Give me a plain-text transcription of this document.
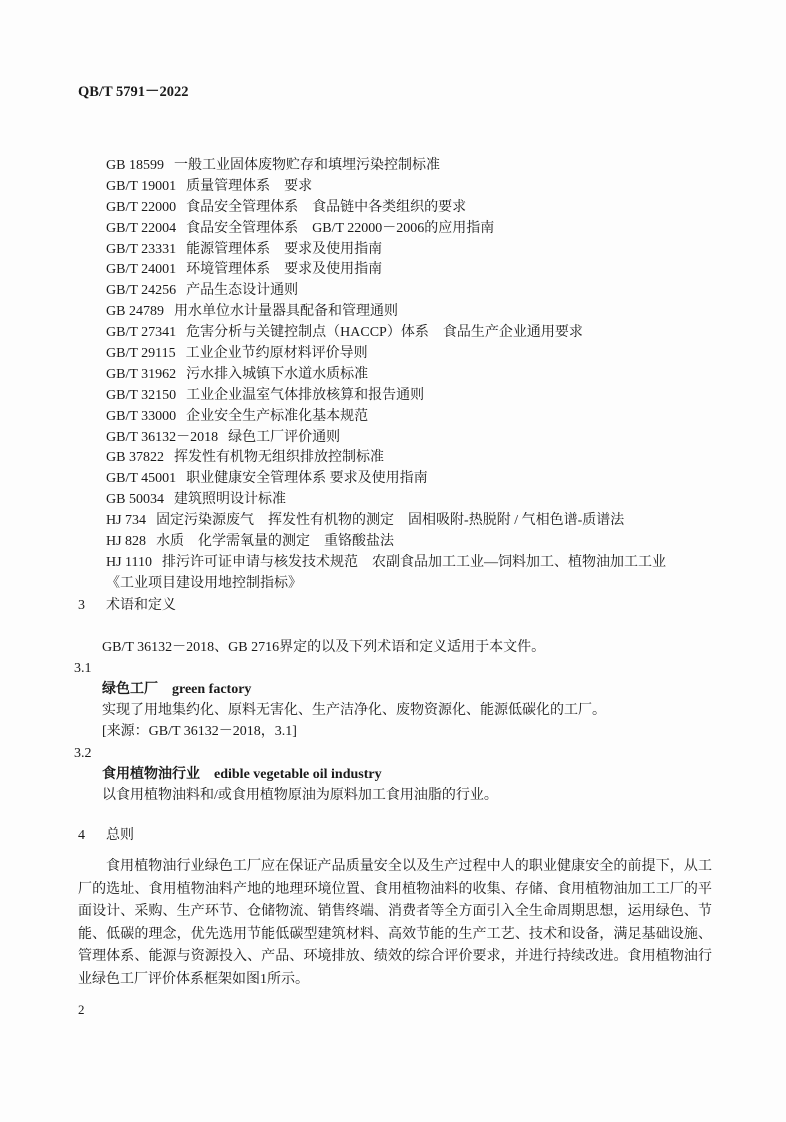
QB/T 5791－2022
GB 18599 一般工业固体废物贮存和填埋污染控制标准
GB/T 19001 质量管理体系　要求
GB/T 22000 食品安全管理体系　食品链中各类组织的要求
GB/T 22004 食品安全管理体系　GB/T 22000－2006的应用指南
GB/T 23331 能源管理体系　要求及使用指南
GB/T 24001 环境管理体系　要求及使用指南
GB/T 24256 产品生态设计通则
GB 24789 用水单位水计量器具配备和管理通则
GB/T 27341 危害分析与关键控制点（HACCP）体系　食品生产企业通用要求
GB/T 29115 工业企业节约原材料评价导则
GB/T 31962 污水排入城镇下水道水质标准
GB/T 32150 工业企业温室气体排放核算和报告通则
GB/T 33000 企业安全生产标准化基本规范
GB/T 36132－2018 绿色工厂评价通则
GB 37822 挥发性有机物无组织排放控制标准
GB/T 45001 职业健康安全管理体系 要求及使用指南
GB 50034 建筑照明设计标准
HJ 734 固定污染源废气　挥发性有机物的测定　固相吸附-热脱附 / 气相色谱-质谱法
HJ 828 水质　化学需氧量的测定　重铬酸盐法
HJ 1110 排污许可证申请与核发技术规范　农副食品加工工业—饲料加工、植物油加工工业
《工业项目建设用地控制指标》
3 术语和定义
GB/T 36132－2018、GB 2716界定的以及下列术语和定义适用于本文件。
3.1
绿色工厂 green factory
实现了用地集约化、原料无害化、生产洁净化、废物资源化、能源低碳化的工厂。
[来源：GB/T 36132－2018，3.1]
3.2
食用植物油行业 edible vegetable oil industry
以食用植物油料和/或食用植物原油为原料加工食用油脂的行业。
4 总则
食用植物油行业绿色工厂应在保证产品质量安全以及生产过程中人的职业健康安全的前提下，从工厂的选址、食用植物油料产地的地理环境位置、食用植物油料的收集、存储、食用植物油加工工厂的平面设计、采购、生产环节、仓储物流、销售终端、消费者等全方面引入全生命周期思想，运用绿色、节能、低碳的理念，优先选用节能低碳型建筑材料、高效节能的生产工艺、技术和设备，满足基础设施、管理体系、能源与资源投入、产品、环境排放、绩效的综合评价要求，并进行持续改进。食用植物油行业绿色工厂评价体系框架如图1所示。
2
